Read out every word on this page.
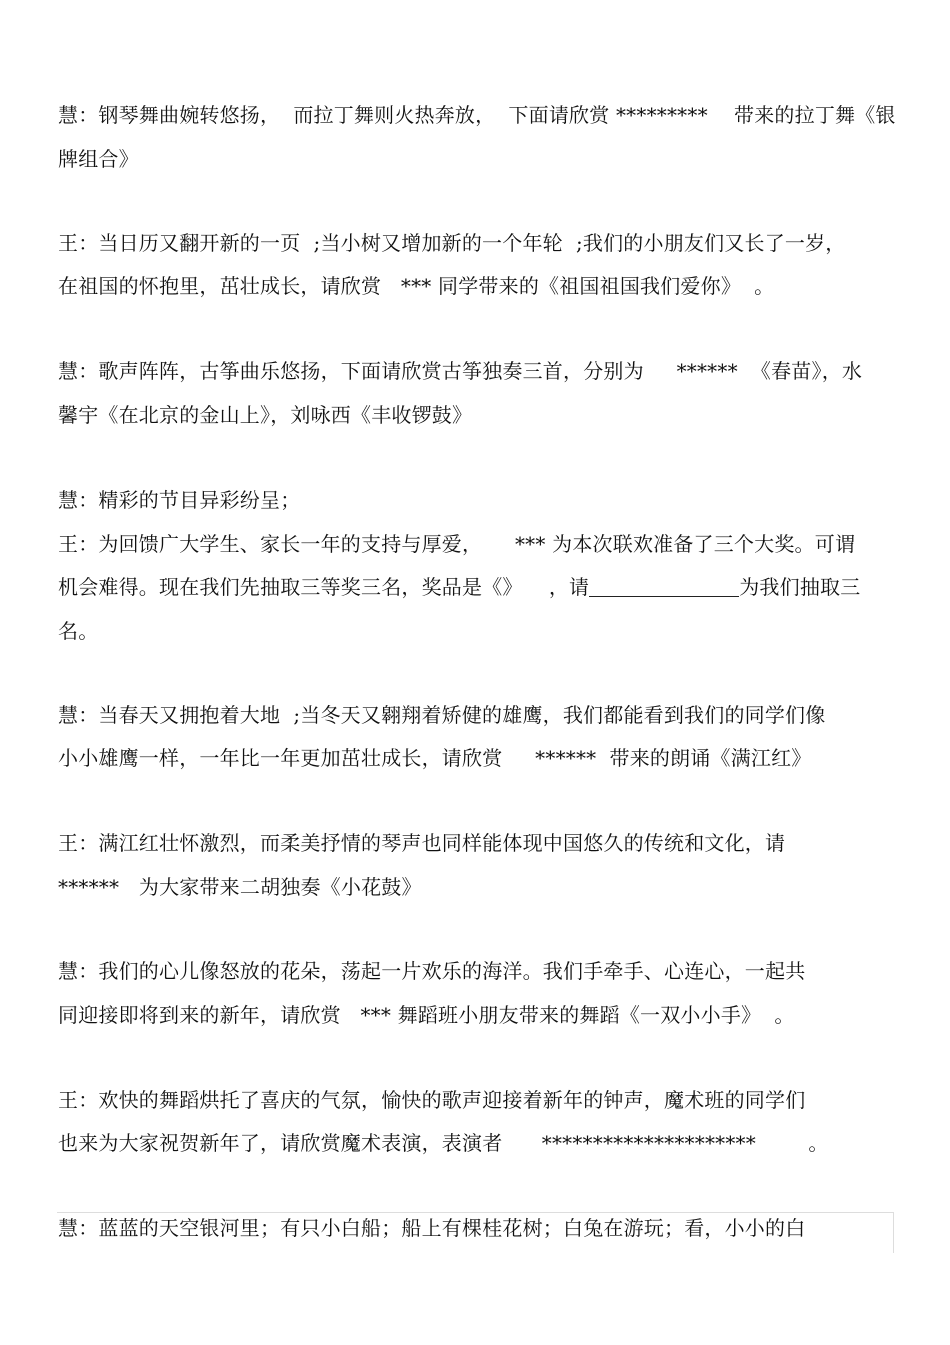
慧：钢琴舞曲婉转悠扬，  而拉丁舞则火热奔放，  下面请欣赏 *********    带来的拉丁舞《银
牌组合》
王：当日历又翻开新的一页  ;当小树又增加新的一个年轮  ;我们的小朋友们又长了一岁，
在祖国的怀抱里，茁壮成长，请欣赏   *** 同学带来的《祖国祖国我们爱你》  。
慧：歌声阵阵，古筝曲乐悠扬，下面请欣赏古筝独奏三首，分别为     ******  《春苗》，水
馨宇《在北京的金山上》，刘咏西《丰收锣鼓》
慧：精彩的节目异彩纷呈；
王：为回馈广大学生、家长一年的支持与厚爱，     *** 为本次联欢准备了三个大奖。可谓
机会难得。现在我们先抽取三等奖三名，奖品是《》    ，请	为我们抽取三
名。
慧：当春天又拥抱着大地  ;当冬天又翱翔着矫健的雄鹰，我们都能看到我们的同学们像
小小雄鹰一样，一年比一年更加茁壮成长，请欣赏     ******  带来的朗诵《满江红》
王：满江红壮怀激烈，而柔美抒情的琴声也同样能体现中国悠久的传统和文化，请
******   为大家带来二胡独奏《小花鼓》
慧：我们的心儿像怒放的花朵，荡起一片欢乐的海洋。我们手牵手、心连心，一起共
同迎接即将到来的新年，请欣赏   *** 舞蹈班小朋友带来的舞蹈《一双小小手》  。
王：欢快的舞蹈烘托了喜庆的气氛，愉快的歌声迎接着新年的钟声，魔术班的同学们
也来为大家祝贺新年了，请欣赏魔术表演，表演者      *********************        。
慧：蓝蓝的天空银河里；有只小白船；船上有棵桂花树；白兔在游玩；看，小小的白
